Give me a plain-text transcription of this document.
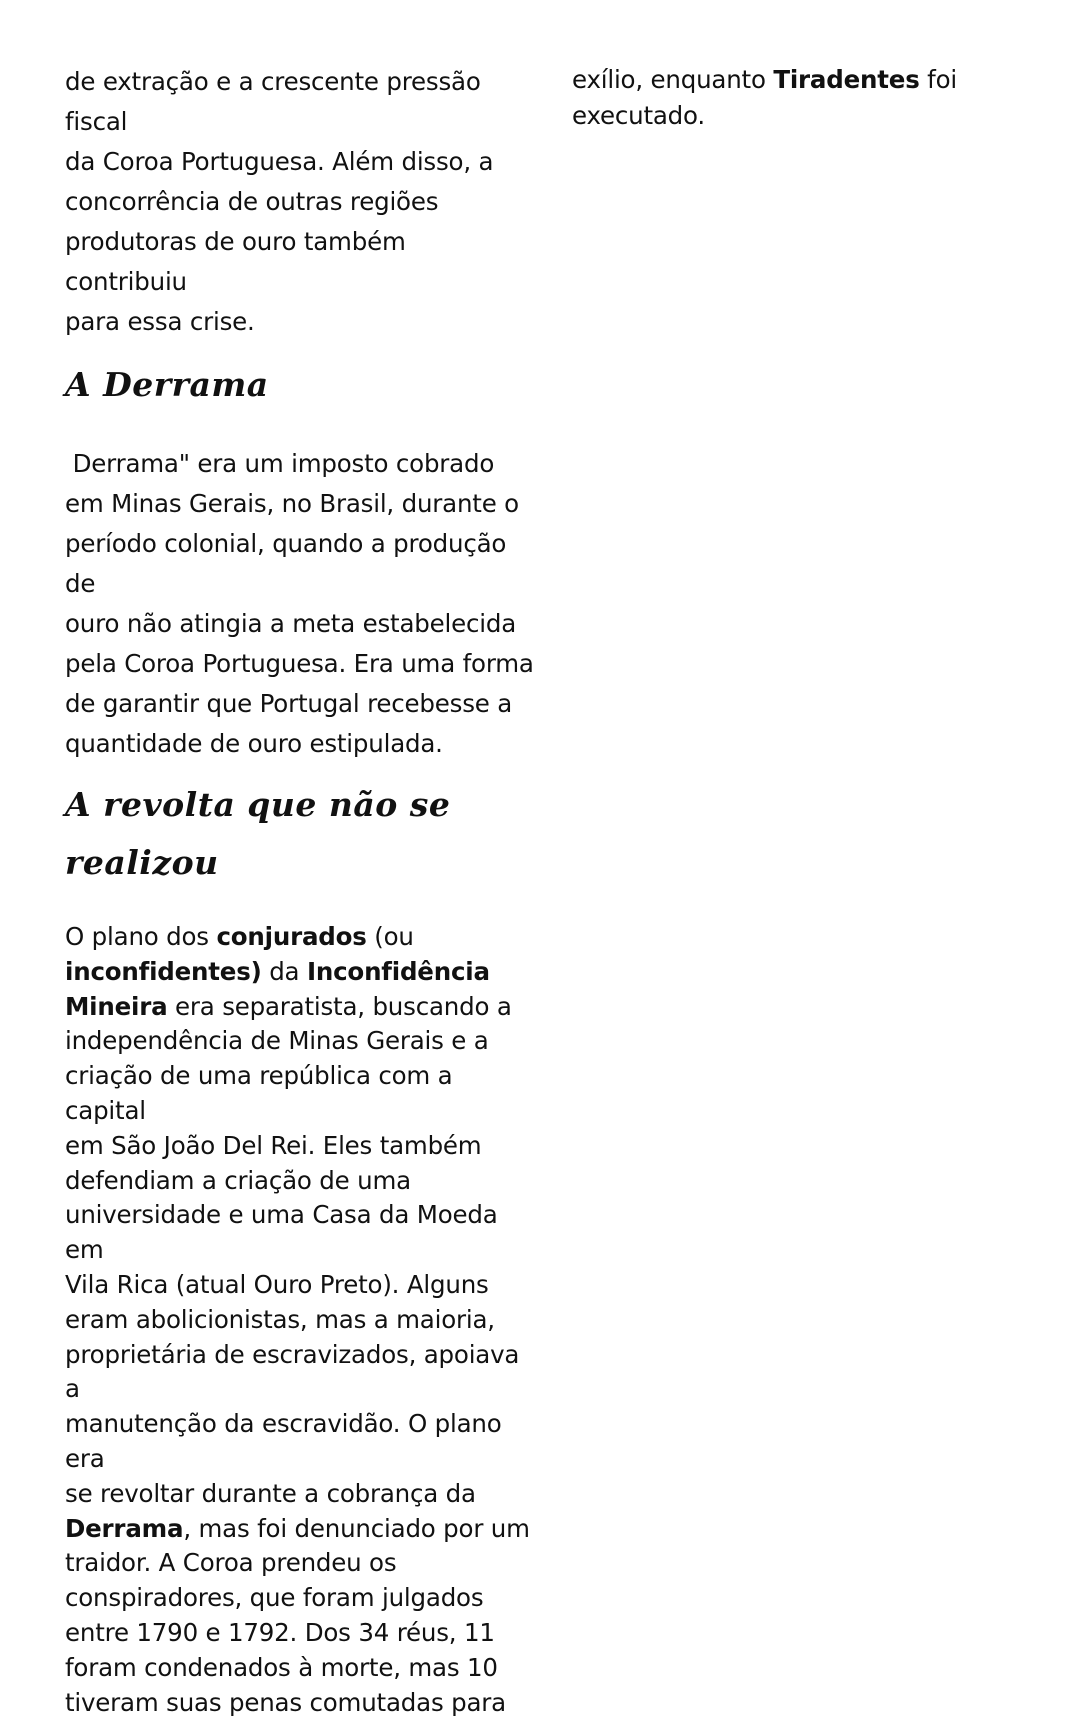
de extração e a crescente pressão fiscal
da Coroa Portuguesa. Além disso, a
concorrência de outras regiões
produtoras de ouro também contribuiu
para essa crise.

A Derrama

Derrama" era um imposto cobrado
em Minas Gerais, no Brasil, durante o
período colonial, quando a produção de
ouro não atingia a meta estabelecida
pela Coroa Portuguesa. Era uma forma
de garantir que Portugal recebesse a
quantidade de ouro estipulada.

A revolta que não se
realizou

O plano dos conjurados (ou
inconfidentes) da Inconfidência
Mineira era separatista, buscando a
independência de Minas Gerais e a
criação de uma república com a capital
em São João Del Rei. Eles também
defendiam a criação de uma
universidade e uma Casa da Moeda em
Vila Rica (atual Ouro Preto). Alguns
eram abolicionistas, mas a maioria,
proprietária de escravizados, apoiava a
manutenção da escravidão. O plano era
se revoltar durante a cobrança da
Derrama, mas foi denunciado por um
traidor. A Coroa prendeu os
conspiradores, que foram julgados
entre 1790 e 1792. Dos 34 réus, 11
foram condenados à morte, mas 10
tiveram suas penas comutadas para

exílio, enquanto Tiradentes foi
executado.
